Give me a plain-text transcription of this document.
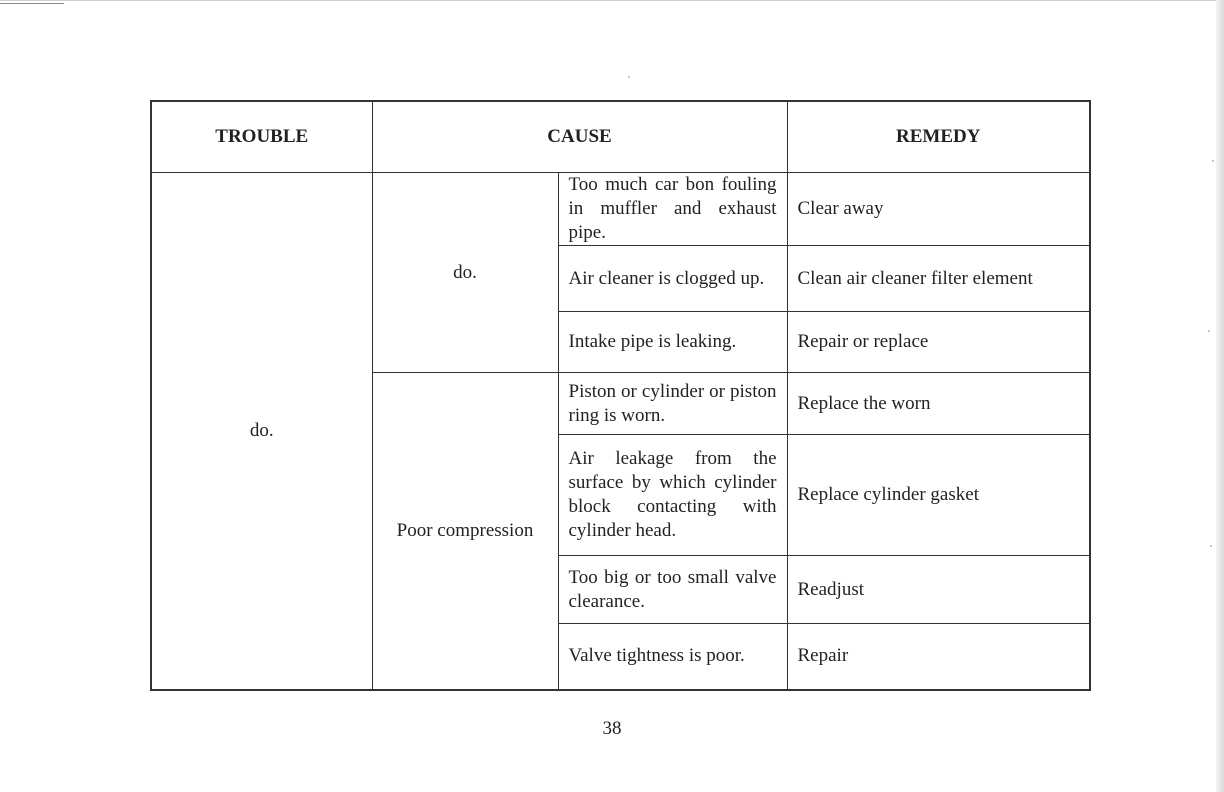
TROUBLE	CAUSE		REMEDY
do.	do.	Too much car bon fouling in muffler and exhaust pipe.	Clear away
		Air cleaner is clogged up.	Clean air cleaner filter element
		Intake pipe is leaking.	Repair or replace
	Poor compression	Piston or cylinder or piston ring is worn.	Replace the worn
		Air leakage from the surface by which cylinder block contacting with cylinder head.	Replace cylinder gasket
		Too big or too small valve clearance.	Readjust
		Valve tightness is poor.	Repair
38
